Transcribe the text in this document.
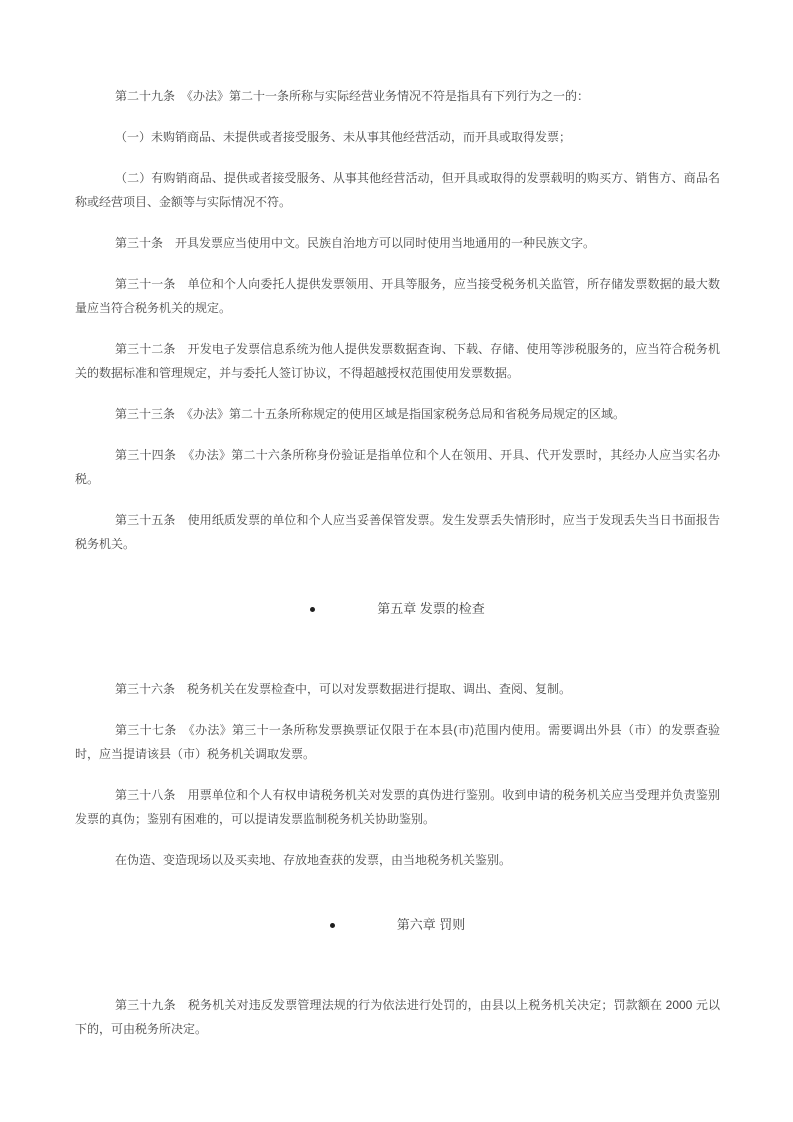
第二十九条　《办法》第二十一条所称与实际经营业务情况不符是指具有下列行为之一的：

（一）未购销商品、未提供或者接受服务、未从事其他经营活动，而开具或取得发票；

（二）有购销商品、提供或者接受服务、从事其他经营活动，但开具或取得的发票载明的购买方、销售方、商品名称或经营项目、金额等与实际情况不符。

第三十条　开具发票应当使用中文。民族自治地方可以同时使用当地通用的一种民族文字。

第三十一条　单位和个人向委托人提供发票领用、开具等服务，应当接受税务机关监管，所存储发票数据的最大数量应当符合税务机关的规定。

第三十二条　开发电子发票信息系统为他人提供发票数据查询、下载、存储、使用等涉税服务的，应当符合税务机关的数据标准和管理规定，并与委托人签订协议，不得超越授权范围使用发票数据。

第三十三条　《办法》第二十五条所称规定的使用区域是指国家税务总局和省税务局规定的区域。

第三十四条　《办法》第二十六条所称身份验证是指单位和个人在领用、开具、代开发票时，其经办人应当实名办税。

第三十五条　使用纸质发票的单位和个人应当妥善保管发票。发生发票丢失情形时，应当于发现丢失当日书面报告税务机关。

第五章 发票的检查

第三十六条　税务机关在发票检查中，可以对发票数据进行提取、调出、查阅、复制。

第三十七条　《办法》第三十一条所称发票换票证仅限于在本县(市)范围内使用。需要调出外县（市）的发票查验时，应当提请该县（市）税务机关调取发票。

第三十八条　用票单位和个人有权申请税务机关对发票的真伪进行鉴别。收到申请的税务机关应当受理并负责鉴别发票的真伪；鉴别有困难的，可以提请发票监制税务机关协助鉴别。

在伪造、变造现场以及买卖地、存放地查获的发票，由当地税务机关鉴别。

第六章 罚则

第三十九条　税务机关对违反发票管理法规的行为依法进行处罚的，由县以上税务机关决定；罚款额在 2000 元以下的，可由税务所决定。
